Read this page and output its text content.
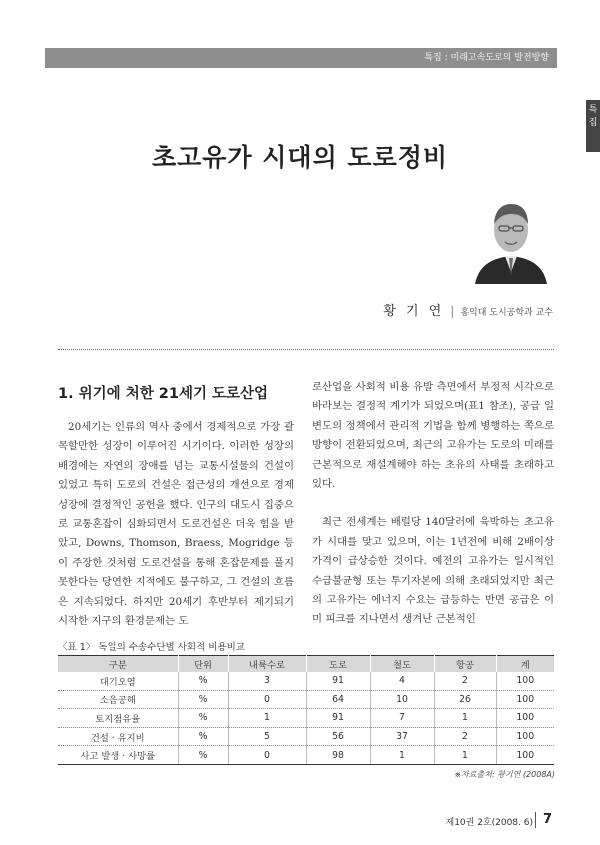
특집 : 미래고속도로의 발전방향
특 집
초고유가 시대의 도로정비
황 기 연 | 홍익대 도시공학과 교수
1. 위기에 처한 21세기 도로산업

20세기는 인류의 역사 중에서 경제적으로 가장 괄목할만한 성장이 이루어진 시기이다. 이러한 성장의 배경에는 자연의 장애를 넘는 교통시설물의 건설이 있었고 특히 도로의 건설은 접근성의 개선으로 경제성장에 결정적인 공헌을 했다. 인구의 대도시 집중으로 교통혼잡이 심화되면서 도로건설은 더욱 힘을 받았고, Downs, Thomson, Braess, Mogridge 등이 주장한 것처럼 도로건설을 통해 혼잡문제를 풀지 못한다는 당연한 지적에도 불구하고, 그 건설의 흐름은 지속되었다. 하지만 20세기 후반부터 제기되기 시작한 지구의 환경문제는 도

로산업을 사회적 비용 유발 측면에서 부정적 시각으로 바라보는 결정적 계기가 되었으며(표1 참조), 공급 일변도의 정책에서 관리적 기법을 함께 병행하는 쪽으로 방향이 전환되었으며, 최근의 고유가는 도로의 미래를 근본적으로 재설계해야 하는 초유의 사태를 초래하고 있다.

최근 전세계는 배럴당 140달러에 육박하는 초고유가 시대를 맞고 있으며, 이는 1년전에 비해 2배이상 가격이 급상승한 것이다. 예전의 고유가는 일시적인 수급불균형 또는 투기자본에 의해 초래되었지만 최근의 고유가는 에너지 수요는 급등하는 반면 공급은 이미 피크를 지나면서 생겨난 근본적인

〈표 1〉 독일의 수송수단별 사회적 비용비교
구분	단위	내륙수로	도로	철도	항공	계
대기오염	%	3	91	4	2	100
소음공해	%	0	64	10	26	100
토지점유율	%	1	91	7	1	100
건설 · 유지비	%	5	56	37	2	100
사고 발생 · 사망률	%	0	98	1	1	100
※자료출처: 황기연 (2008A)
제10권 2호(2008. 6) 7
